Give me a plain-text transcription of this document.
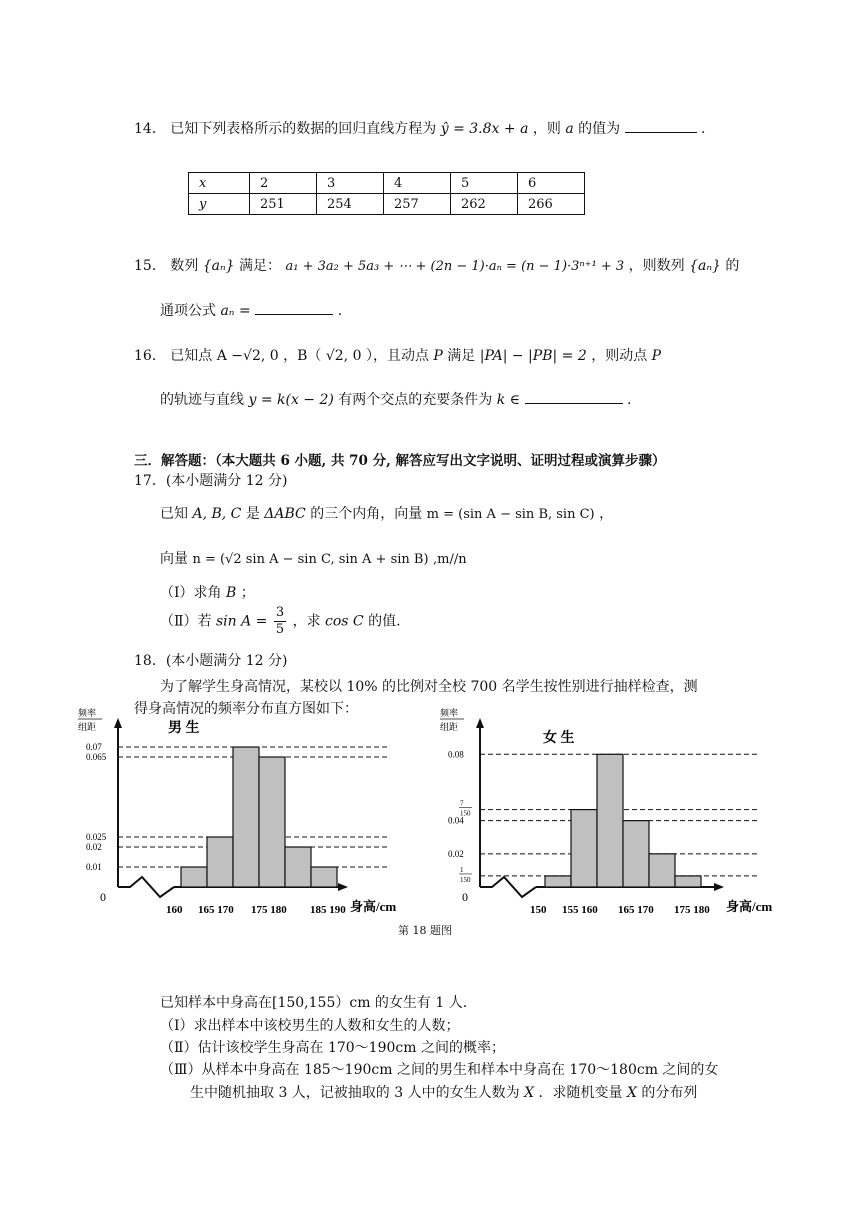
14． 已知下列表格所示的数据的回归直线方程为 ŷ = 3.8x + a ，则 a 的值为	.
x	2	3	4	5	6
y	251	254	257	262	266
15． 数列 {aₙ} 满足： a₁ + 3a₂ + 5a₃ + ⋯ + (2n − 1)·aₙ = (n − 1)·3ⁿ⁺¹ + 3 ，则数列 {aₙ} 的
通项公式 aₙ =	.
16． 已知点 A −√2, 0 ，B（ √2, 0 ），且动点 P 满足 |PA| − |PB| = 2 ，则动点 P
的轨迹与直线 y = k(x − 2) 有两个交点的充要条件为 k ∈	.
三．解答题：（本大题共 6 小题, 共 70 分, 解答应写出文字说明、证明过程或演算步骤）
17．(本小题满分 12 分)
已知 A, B, C 是 ΔABC 的三个内角，向量 m = (sin A − sin B, sin C) ，
向量 n = (√2 sin A − sin C, sin A + sin B) ,m//n
（Ⅰ）求角 B ；
（Ⅱ）若 $\sin A = \frac{3}{5}$ ，求 cos C 的值.
18．(本小题满分 12 分)
为了解学生身高情况，某校以 10% 的比例对全校 700 名学生按性别进行抽样检查，测
得身高情况的频率分布直方图如下：
0
频率
组距	男 生
0.07
0.065
0.025
0.02
0.01
160 165 170 175 180 185 190 身高/cm
0
频率
组距
女 生
0.08
7
150
0.04
0.02
1
150
150 155 160 165 170 175 180 身高/cm
第 18 题图
已知样本中身高在[150,155）cm 的女生有 1 人.
（Ⅰ）求出样本中该校男生的人数和女生的人数；
（Ⅱ）估计该校学生身高在 170～190cm 之间的概率；
（Ⅲ）从样本中身高在 185～190cm 之间的男生和样本中身高在 170～180cm 之间的女
生中随机抽取 3 人，记被抽取的 3 人中的女生人数为 X ．求随机变量 X 的分布列
